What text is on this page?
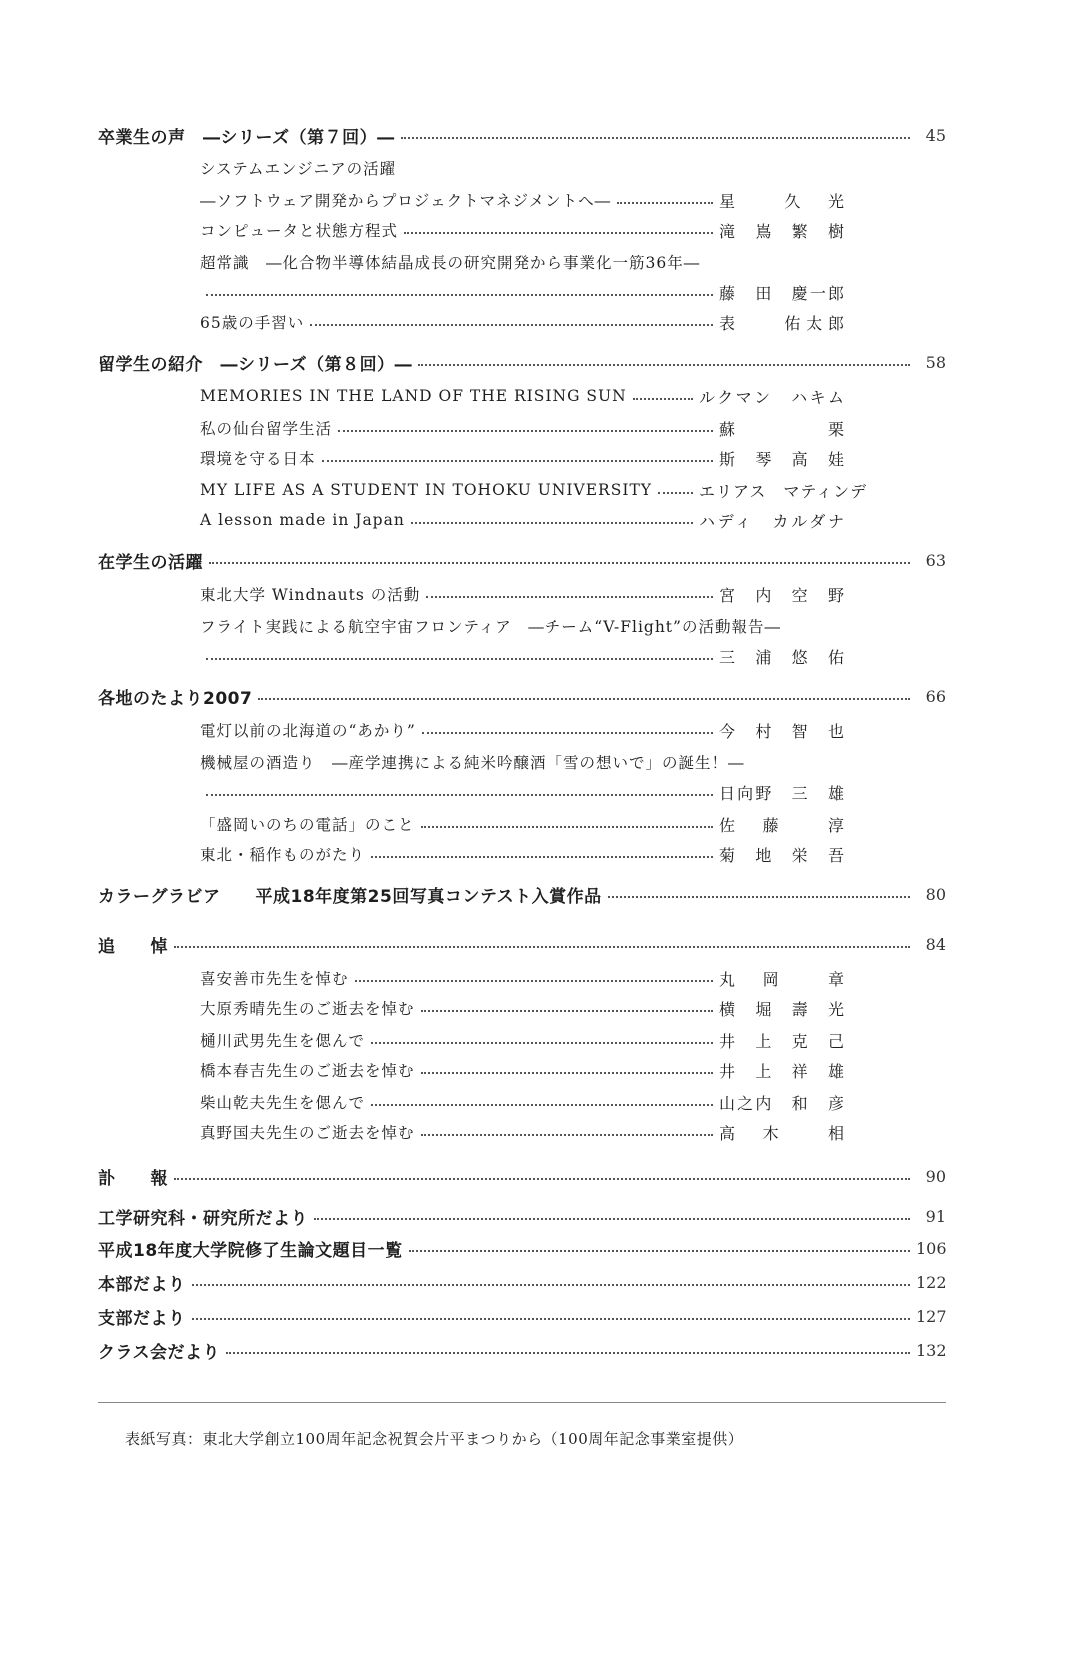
卒業生の声　―シリーズ（第７回）―	45
システムエンジニアの活躍
―ソフトウェア開発からプロジェクトマネジメントへ―	星　　久　光
コンピュータと状態方程式	滝　嶌　繁　樹
超常識　―化合物半導体結晶成長の研究開発から事業化一筋36年―
藤　田　慶一郎
65歳の手習い	表　　佑太郎
留学生の紹介　―シリーズ（第８回）―	58
MEMORIES IN THE LAND OF THE RISING SUN	ルクマン　ハキム
私の仙台留学生活	蘇　　　栗
環境を守る日本	斯　琴　高　娃
MY LIFE AS A STUDENT IN TOHOKU UNIVERSITY	エリアス　マティンデ
A lesson made in Japan	ハディ　カルダナ
在学生の活躍	63
東北大学 Windnauts の活動	宮　内　空　野
フライト実践による航空宇宙フロンティア　―チーム“V-Flight”の活動報告―
三　浦　悠　佑
各地のたより2007	66
電灯以前の北海道の“あかり”	今　村　智　也
機械屋の酒造り　―産学連携による純米吟醸酒「雪の想いで」の誕生！―
日向野　三　雄
「盛岡いのちの電話」のこと	佐　藤　　淳
東北・稲作ものがたり	菊　地　栄　吾
カラーグラビア　　平成18年度第25回写真コンテスト入賞作品	80
追　　悼	84
喜安善市先生を悼む	丸　岡　　章
大原秀晴先生のご逝去を悼む	横　堀　壽　光
樋川武男先生を偲んで	井　上　克　己
橋本春吉先生のご逝去を悼む	井　上　祥　雄
柴山乾夫先生を偲んで	山之内　和　彦
真野国夫先生のご逝去を悼む	高　木　　相
訃　　報	90
工学研究科・研究所だより	91
平成18年度大学院修了生論文題目一覧	106
本部だより	122
支部だより	127
クラス会だより	132
表紙写真：東北大学創立100周年記念祝賀会片平まつりから（100周年記念事業室提供）
